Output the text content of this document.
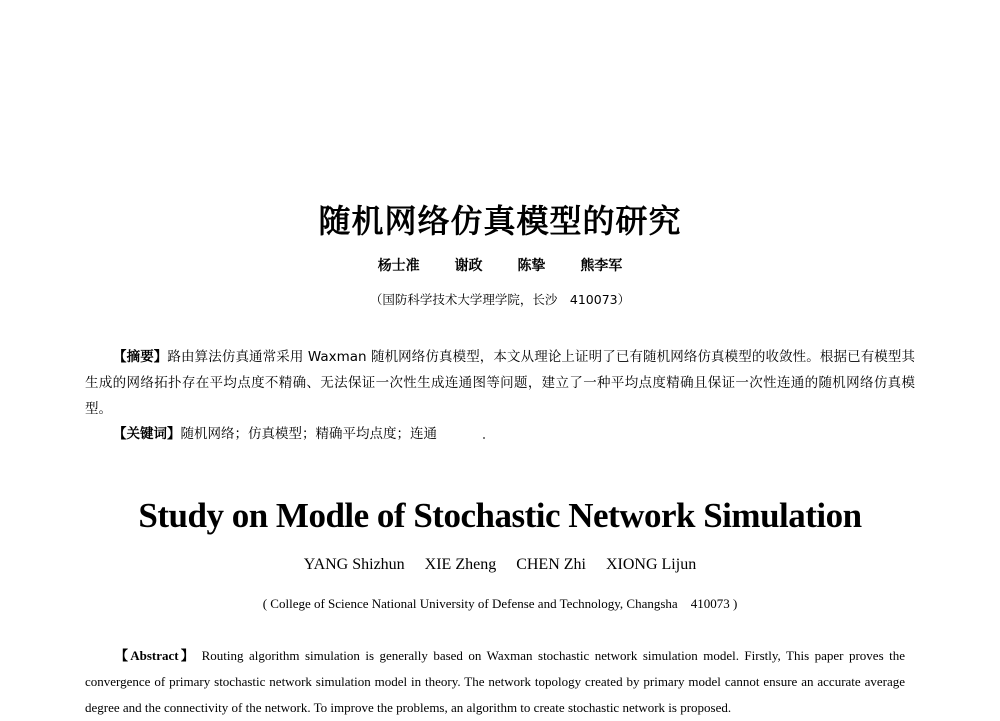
随机网络仿真模型的研究
杨士准 谢政 陈挚 熊李军
（国防科学技术大学理学院，长沙　410073）
【摘要】路由算法仿真通常采用 Waxman 随机网络仿真模型，本文从理论上证明了已有随机网络仿真模型的收敛性。根据已有模型其生成的网络拓扑存在平均点度不精确、无法保证一次性生成连通图等问题，建立了一种平均点度精确且保证一次性连通的随机网络仿真模型。
【关键词】随机网络；仿真模型；精确平均点度；连通
Study on Modle of Stochastic Network Simulation
YANG Shizhun XIE Zheng CHEN Zhi XIONG Lijun
( College of Science National University of Defense and Technology, Changsha　410073 )
【Abstract】 Routing algorithm simulation is generally based on Waxman stochastic network simulation model. Firstly, This paper proves the convergence of primary stochastic network simulation model in theory. The network topology created by primary model cannot ensure an accurate average degree and the connectivity of the network. To improve the problems, an algorithm to create stochastic network is proposed.
